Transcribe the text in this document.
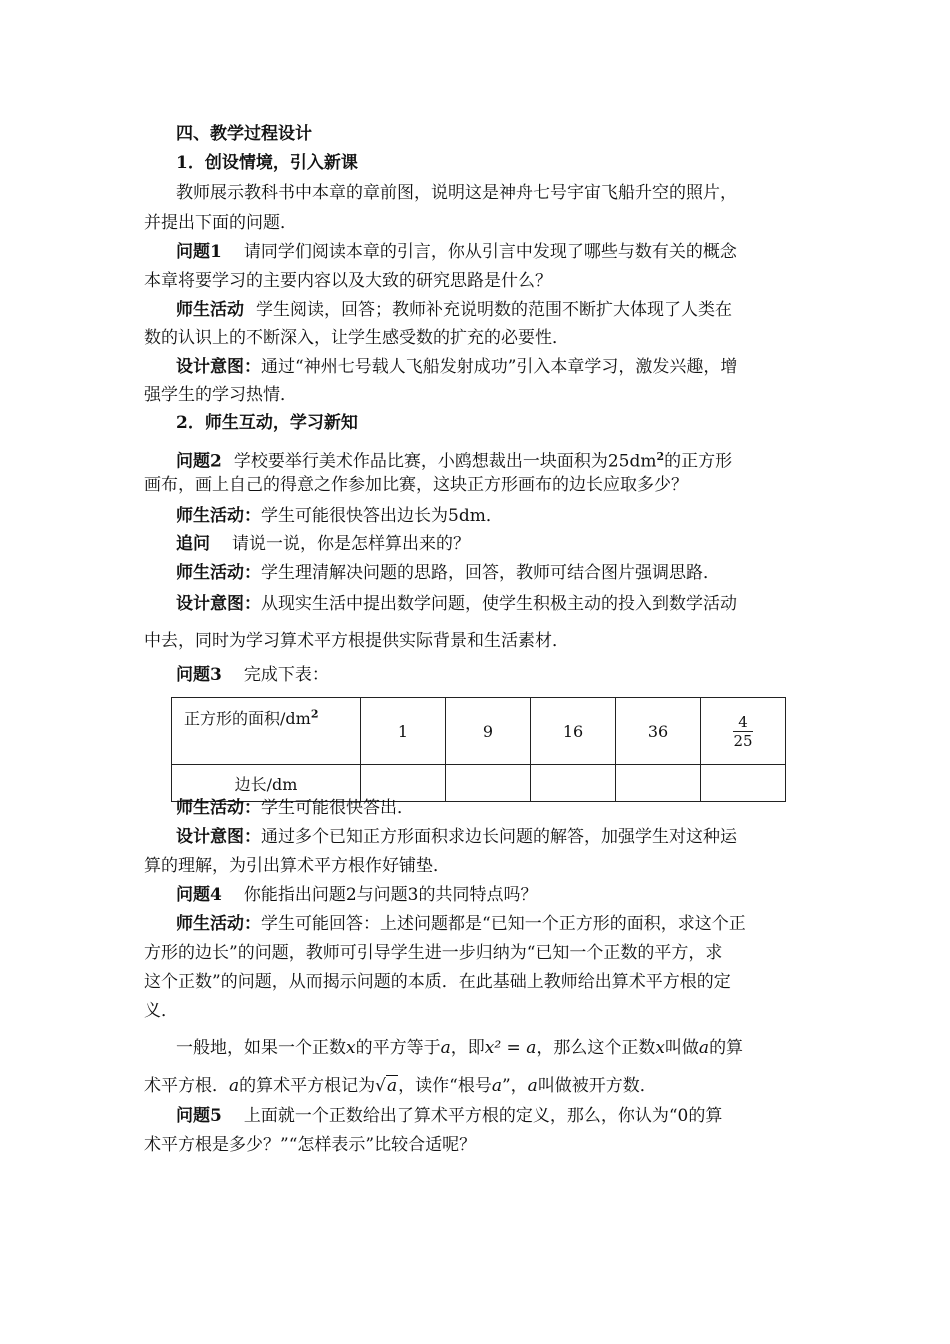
四、教学过程设计
1．创设情境，引入新课
教师展示教科书中本章的章前图，说明这是神舟七号宇宙飞船升空的照片，
并提出下面的问题．
问题1 请同学们阅读本章的引言，你从引言中发现了哪些与数有关的概念
本章将要学习的主要内容以及大致的研究思路是什么？
师生活动 学生阅读，回答；教师补充说明数的范围不断扩大体现了人类在
数的认识上的不断深入，让学生感受数的扩充的必要性．
设计意图：通过“神州七号载人飞船发射成功”引入本章学习，激发兴趣，增
强学生的学习热情．
2．师生互动，学习新知
问题2 学校要举行美术作品比赛，小鸥想裁出一块面积为$25dm^2$的正方形
画布，画上自己的得意之作参加比赛，这块正方形画布的边长应取多少？
师生活动：学生可能很快答出边长为5dm．
追问 请说一说，你是怎样算出来的？
师生活动：学生理清解决问题的思路，回答，教师可结合图片强调思路．
设计意图：从现实生活中提出数学问题，使学生积极主动的投入到数学活动
中去，同时为学习算术平方根提供实际背景和生活素材．
问题3 完成下表：
正方形的面积$/dm^2$	1	9	16	36	$\frac{4}{25}$

边长/dm					
师生活动：学生可能很快答出．
设计意图：通过多个已知正方形面积求边长问题的解答，加强学生对这种运
算的理解，为引出算术平方根作好铺垫．
问题4 你能指出问题2与问题3的共同特点吗？
师生活动：学生可能回答：上述问题都是“已知一个正方形的面积，求这个正
方形的边长”的问题，教师可引导学生进一步归纳为“已知一个正数的平方，求
这个正数”的问题，从而揭示问题的本质．在此基础上教师给出算术平方根的定
义．
一般地，如果一个正数x的平方等于a，即x² = a，那么这个正数x叫做a的算
术平方根．a的算术平方根记为√a，读作“根号a”，a叫做被开方数．
问题5 上面就一个正数给出了算术平方根的定义，那么，你认为“0的算
术平方根是多少？”“怎样表示”比较合适呢？
